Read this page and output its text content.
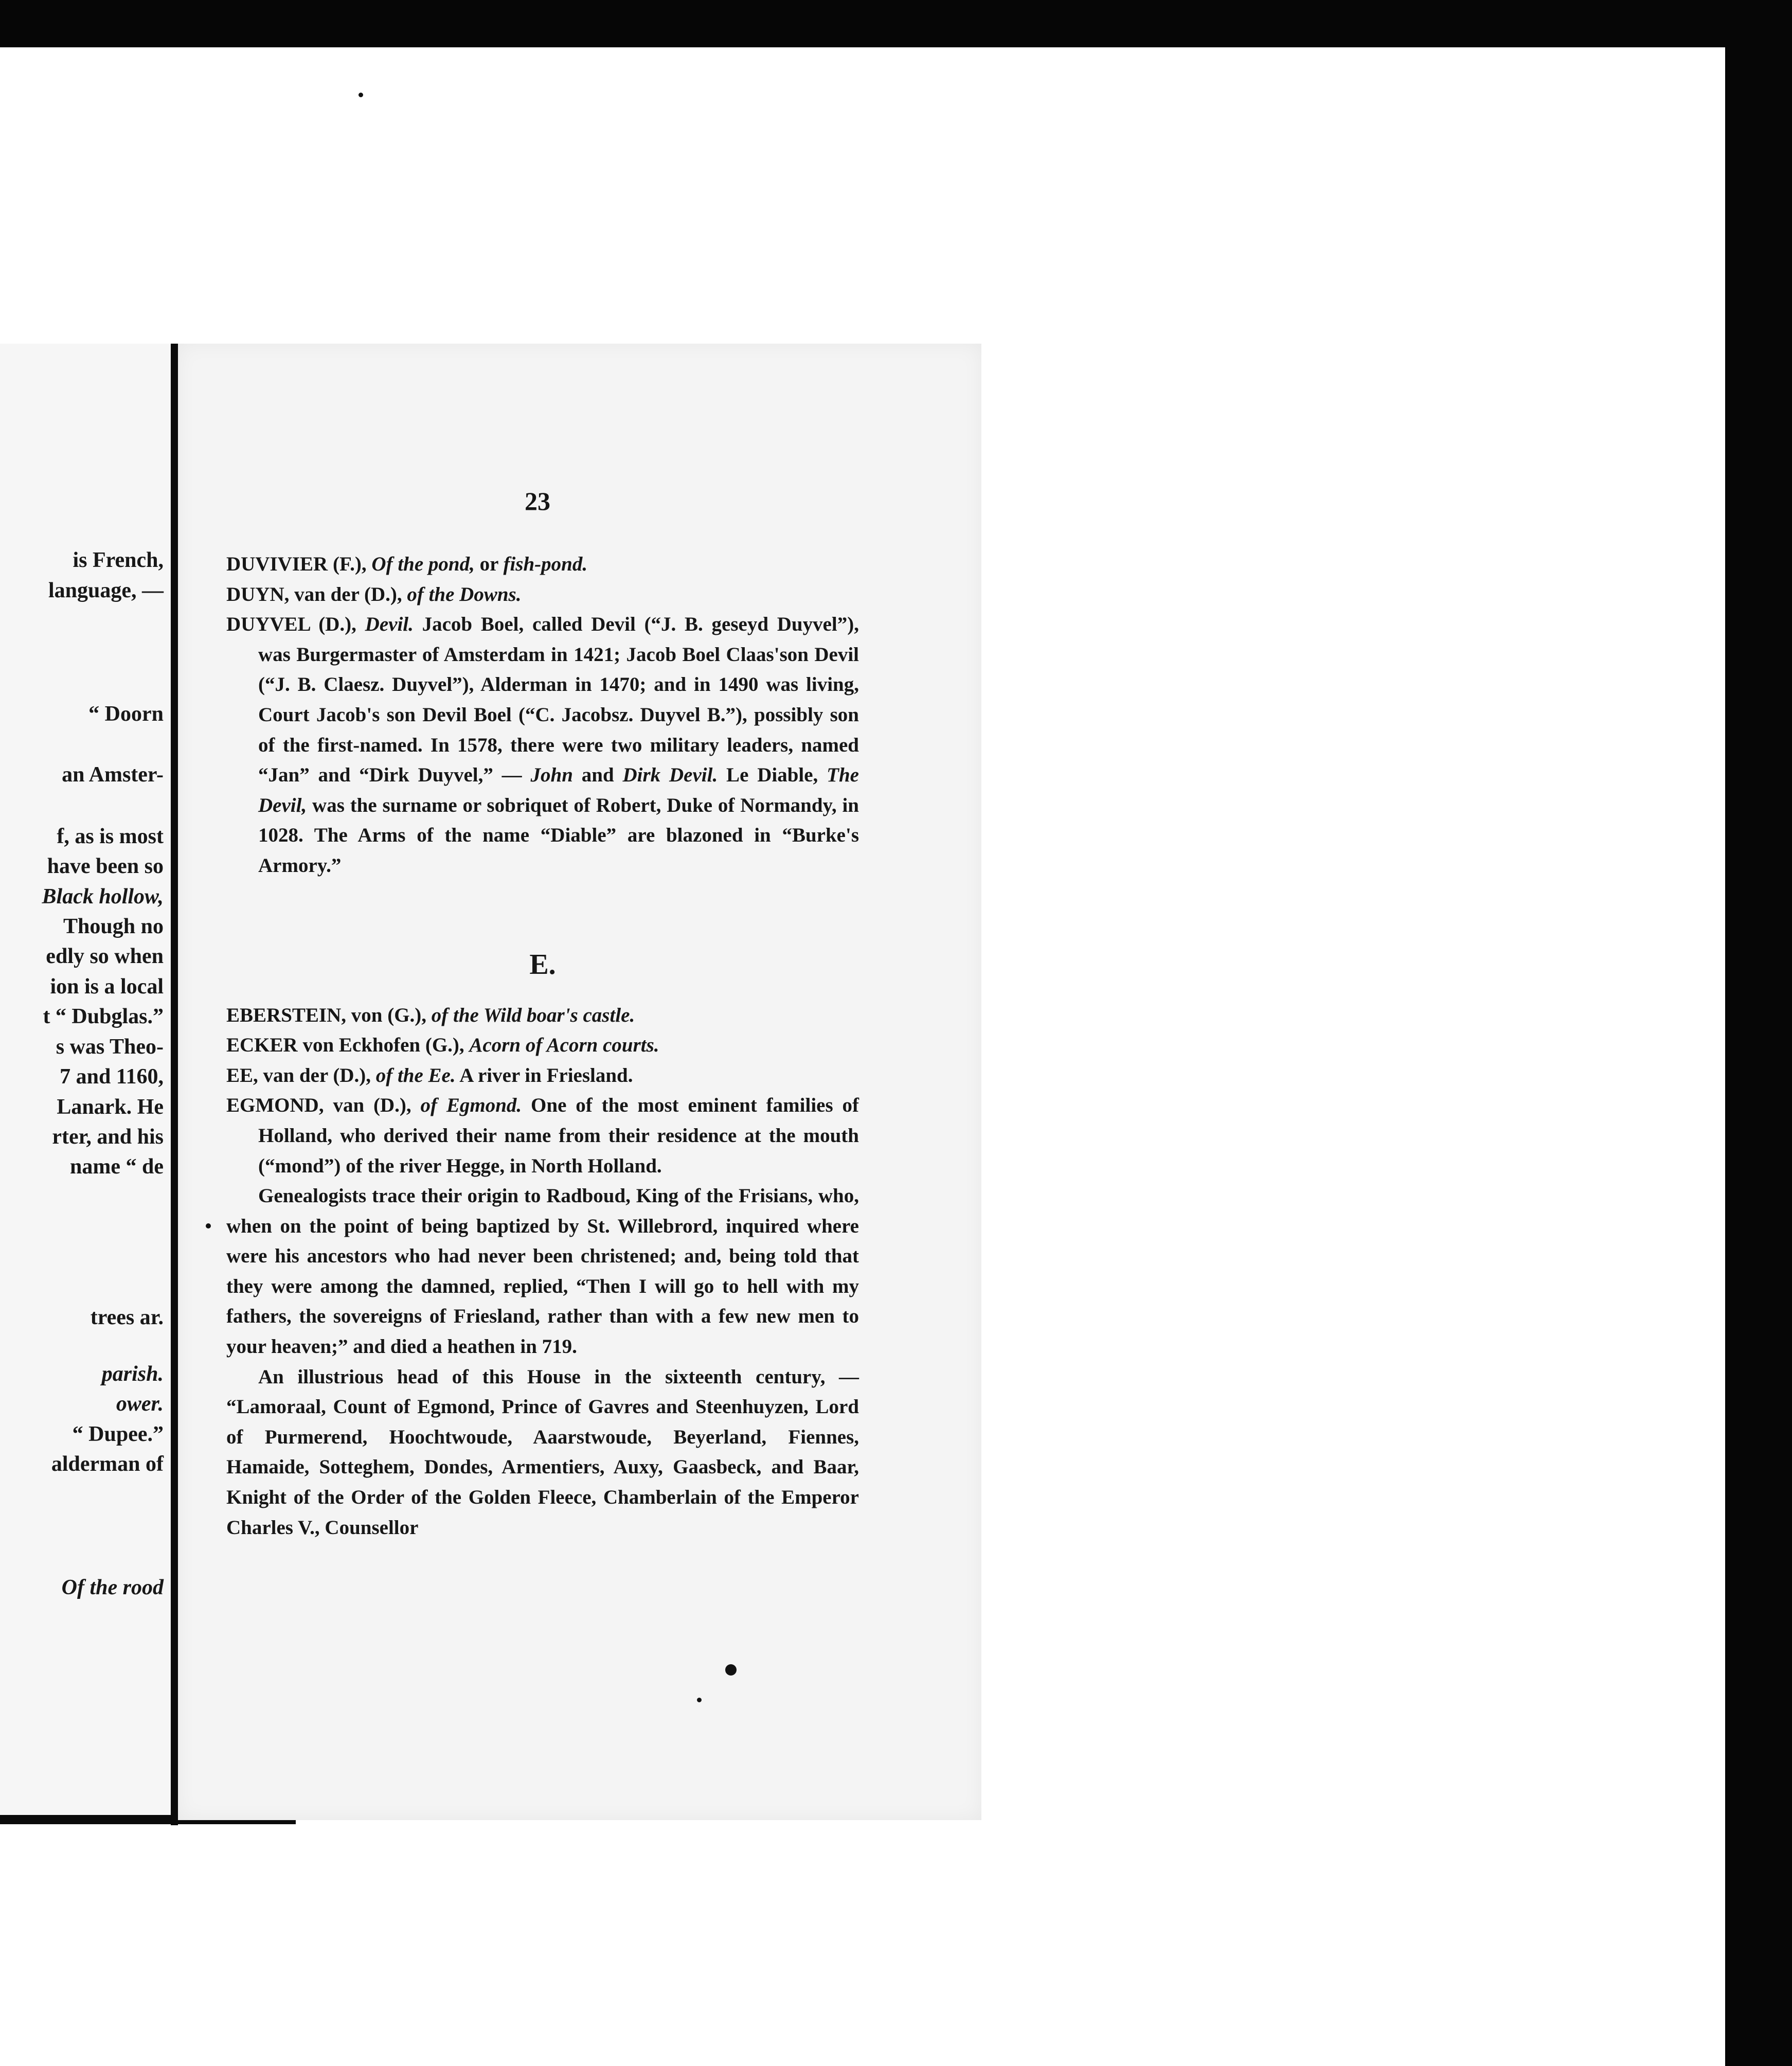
is French,
language, —
“ Doorn
an Amster-
f, as is most
have been so
Black hollow,
Though no
edly so when
ion is a local
t “ Dubglas.”
s was Theo-
7 and 1160,
Lanark. He
rter, and his
name “ de
trees ar.
parish.
ower.
“ Dupee.”
alderman of
Of the rood
23

DUVIVIER (F.), Of the pond, or fish-pond.

DUYN, van der (D.), of the Downs.

DUYVEL (D.), Devil. Jacob Boel, called Devil (“J. B. geseyd Duyvel”), was Burgermaster of Amsterdam in 1421; Jacob Boel Claas'son Devil (“J. B. Claesz. Duyvel”), Alderman in 1470; and in 1490 was living, Court Jacob's son Devil Boel (“C. Jacobsz. Duyvel B.”), possibly son of the first-named. In 1578, there were two military leaders, named “Jan” and “Dirk Duyvel,” — John and Dirk Devil. Le Diable, The Devil, was the surname or sobriquet of Robert, Duke of Normandy, in 1028. The Arms of the name “Diable” are blazoned in “Burke's Armory.”

E.

EBERSTEIN, von (G.), of the Wild boar's castle.

ECKER von Eckhofen (G.), Acorn of Acorn courts.

EE, van der (D.), of the Ee. A river in Friesland.

EGMOND, van (D.), of Egmond. One of the most eminent families of Holland, who derived their name from their residence at the mouth (“mond”) of the river Hegge, in North Holland.

Genealogists trace their origin to Radboud, King of the Frisians, who, when on the point of being baptized by St. Willebrord, inquired where were his ancestors who had never been christened; and, being told that they were among the damned, replied, “Then I will go to hell with my fathers, the sovereigns of Friesland, rather than with a few new men to your heaven;” and died a heathen in 719.

An illustrious head of this House in the sixteenth century, — “Lamoraal, Count of Egmond, Prince of Gavres and Steenhuyzen, Lord of Purmerend, Hoochtwoude, Aaarstwoude, Beyerland, Fiennes, Hamaide, Sotteghem, Dondes, Armentiers, Auxy, Gaasbeck, and Baar, Knight of the Order of the Golden Fleece, Chamberlain of the Emperor Charles V., Counsellor
